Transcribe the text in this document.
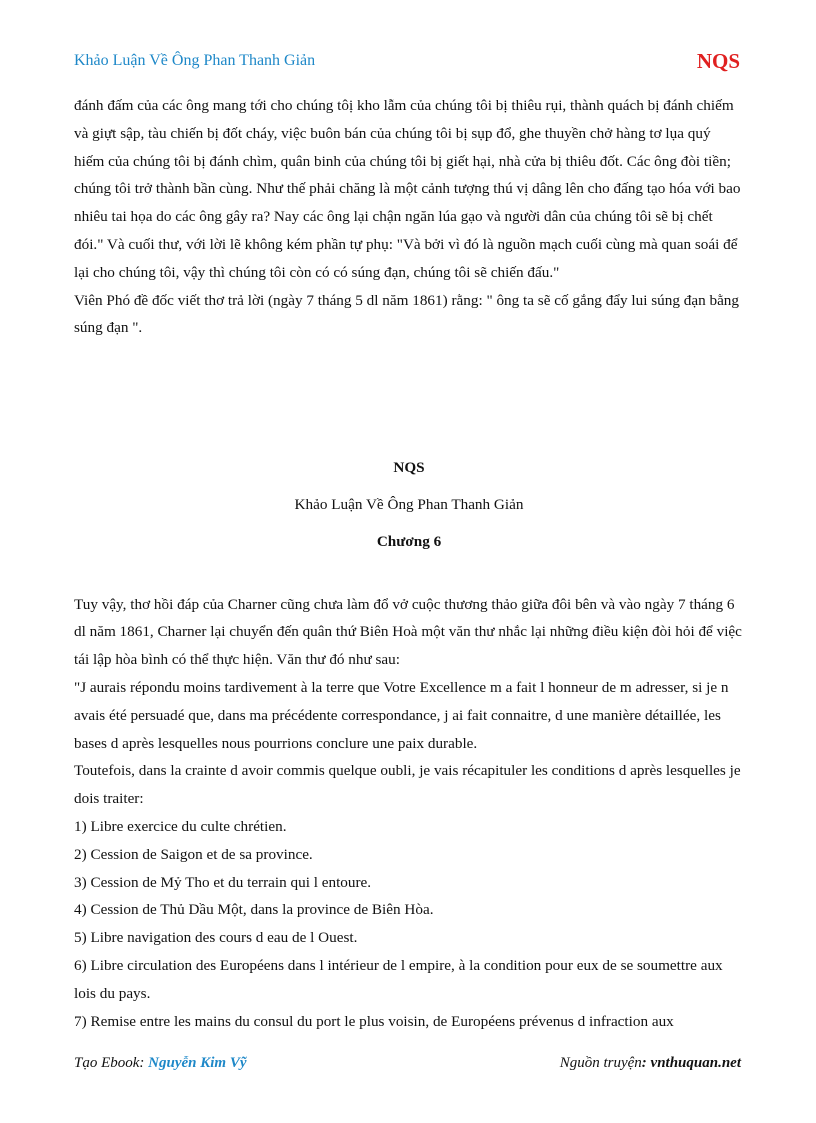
Khảo Luận Về Ông Phan Thanh Giản	NQS

đánh đấm của các ông mang tới cho chúng tôị kho lẫm của chúng tôi bị thiêu rụi, thành quách bị đánh chiếm và giựt sập, tàu chiến bị đốt cháy, việc buôn bán của chúng tôi bị sụp đổ, ghe thuyền chở hàng tơ lụa quý hiếm của chúng tôi bị đánh chìm, quân binh của chúng tôi bị giết hại, nhà cửa bị thiêu đốt. Các ông đòi tiền; chúng tôi trở thành bần cùng. Như thế phải chăng là một cảnh tượng thú vị dâng lên cho đấng tạo hóa với bao nhiêu tai họa do các ông gây ra? Nay các ông lại chận ngăn lúa gạo và người dân của chúng tôi sẽ bị chết đói." Và cuối thư, với lời lẽ không kém phần tự phụ: "Và bởi vì đó là nguồn mạch cuối cùng mà quan soái để lại cho chúng tôi, vậy thì chúng tôi còn có có súng đạn, chúng tôi sẽ chiến đấu."

Viên Phó đề đốc viết thơ trả lời (ngày 7 tháng 5 dl năm 1861) rằng: " ông ta sẽ cố gắng đẩy lui súng đạn bằng súng đạn ".

NQS

Khảo Luận Về Ông Phan Thanh Giản

Chương 6

Tuy vậy, thơ hồi đáp của Charner cũng chưa làm đổ vở cuộc thương thảo giữa đôi bên và vào ngày 7 tháng 6 dl năm 1861, Charner lại chuyển đến quân thứ Biên Hoà một văn thư nhắc lại những điều kiện đòi hỏi để việc tái lập hòa bình có thể thực hiện. Văn thư đó như sau:

"J aurais répondu moins tardivement à la terre que Votre Excellence m a fait l honneur de m adresser, si je n avais été persuadé que, dans ma précédente correspondance, j ai fait connaitre, d une manière détaillée, les bases d après lesquelles nous pourrions conclure une paix durable.

Toutefois, dans la crainte d avoir commis quelque oubli, je vais récapituler les conditions d après lesquelles je dois traiter:

1) Libre exercice du culte chrétien.

2) Cession de Saigon et de sa province.

3) Cession de Mỷ Tho et du terrain qui l entoure.

4) Cession de Thủ Dầu Một, dans la province de Biên Hòa.

5) Libre navigation des cours d eau de l Ouest.

6) Libre circulation des Européens dans l intérieur de l empire, à la condition pour eux de se soumettre aux lois du pays.

7) Remise entre les mains du consul du port le plus voisin, de Européens prévenus d infraction aux

Tạo Ebook: Nguyễn Kim Vỹ	Nguồn truyện: vnthuquan.net
